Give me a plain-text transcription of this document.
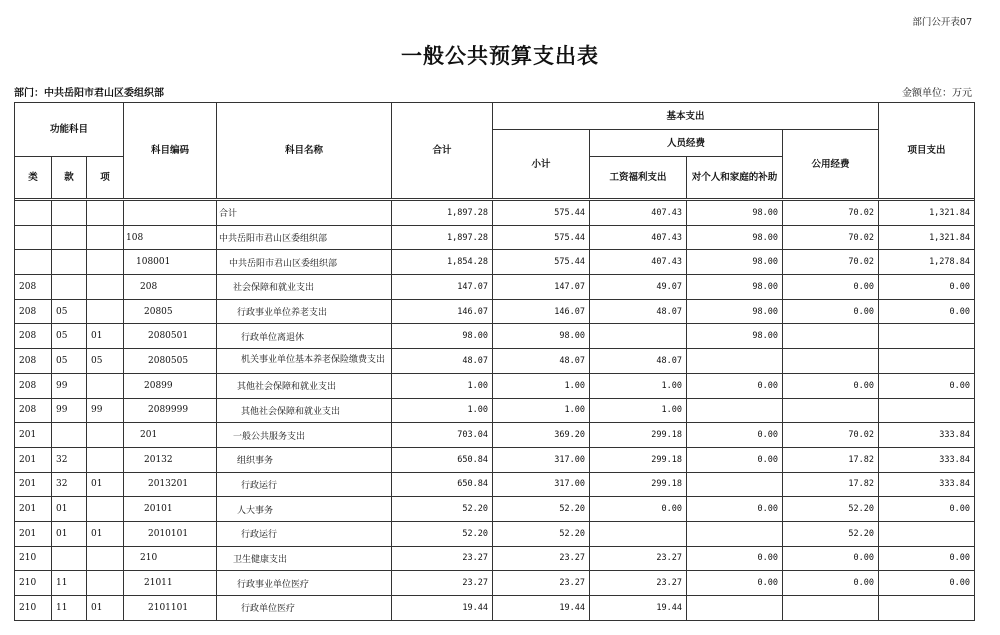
部门公开表07
一般公共预算支出表
部门：中共岳阳市君山区委组织部	金额单位：万元
功能科目			科目编码	科目名称	合计	基本支出				项目支出
						小计	人员经费		公用经费	
类	款	项					工资福利支出	对个人和家庭的补助		

				合计	1,897.28	575.44	407.43	98.00	70.02	1,321.84
			108	中共岳阳市君山区委组织部	1,897.28	575.44	407.43	98.00	70.02	1,321.84
			108001	中共岳阳市君山区委组织部	1,854.28	575.44	407.43	98.00	70.02	1,278.84
208			208	社会保障和就业支出	147.07	147.07	49.07	98.00	0.00	0.00
208	05		20805	行政事业单位养老支出	146.07	146.07	48.07	98.00	0.00	0.00
208	05	01	2080501	行政单位离退休	98.00	98.00		98.00		
208	05	05	2080505	机关事业单位基本养老保险缴费支出	48.07	48.07	48.07			
208	99		20899	其他社会保障和就业支出	1.00	1.00	1.00	0.00	0.00	0.00
208	99	99	2089999	其他社会保障和就业支出	1.00	1.00	1.00			
201			201	一般公共服务支出	703.04	369.20	299.18	0.00	70.02	333.84
201	32		20132	组织事务	650.84	317.00	299.18	0.00	17.82	333.84
201	32	01	2013201	行政运行	650.84	317.00	299.18		17.82	333.84
201	01		20101	人大事务	52.20	52.20	0.00	0.00	52.20	0.00
201	01	01	2010101	行政运行	52.20	52.20			52.20	
210			210	卫生健康支出	23.27	23.27	23.27	0.00	0.00	0.00
210	11		21011	行政事业单位医疗	23.27	23.27	23.27	0.00	0.00	0.00
210	11	01	2101101	行政单位医疗	19.44	19.44	19.44			
